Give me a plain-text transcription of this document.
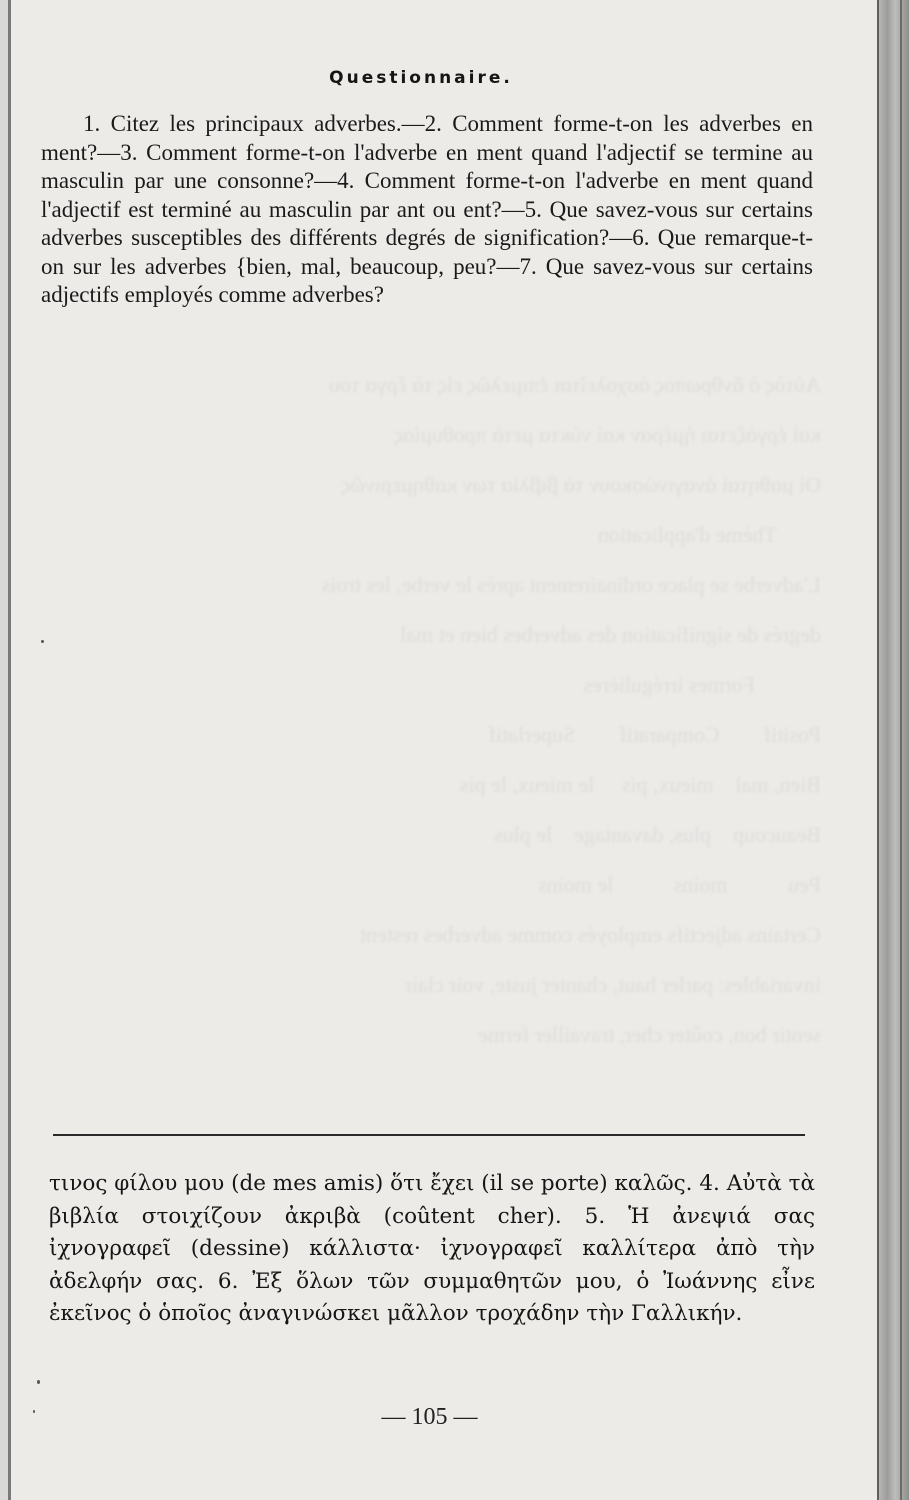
Αὐτὸς ὁ ἄνθρωπος ἀσχολεῖται ἐπιμελῶς εἰς τὰ ἔργα του
καὶ ἐργάζεται ἡμέραν καὶ νύκτα μετὰ προθυμίας
Οἱ μαθηταὶ ἀναγινώσκουν τὰ βιβλία των καθημερινῶς
Thème d'application
L'adverbe se place ordinairement après le verbe, les trois
degrés de signification des adverbes bien et mal
Formes irrégulières
Positif        Comparatif        Superlatif
Bien, mal    mieux, pis     le mieux, le pis
Beaucoup    plus, davantage    le plus
Peu           moins           le moins
Certains adjectifs employés comme adverbes restent
invariables: parler haut, chanter juste, voir clair
sentir bon, coûter cher, travailler ferme
Questionnaire.

1. Citez les principaux adverbes.—2. Comment forme-t-on les adverbes en ment?—3. Comment forme-t-on l'adverbe en ment quand l'adjectif se termine au masculin par une consonne?—4. Comment forme-t-on l'adverbe en ment quand l'adjectif est terminé au masculin par ant ou ent?—5. Que savez-vous sur certains adverbes susceptibles des différents degrés de signification?—6. Que remarque-t-on sur les adverbes {bien, mal, beaucoup, peu?—7. Que savez-vous sur certains adjectifs employés comme adverbes?

τινος φίλου μου (de mes amis) ὅτι ἔχει (il se porte) καλῶς. 4. Αὐτὰ τὰ βιβλία στοιχίζουν ἀκριβὰ (coûtent cher). 5. Ἡ ἀνεψιά σας ἰχνογραφεῖ (dessine) κάλλιστα· ἰχνογραφεῖ καλλίτερα ἀπὸ τὴν ἀδελφήν σας. 6. Ἐξ ὅλων τῶν συμμαθητῶν μου, ὁ Ἰωάννης εἶνε ἐκεῖνος ὁ ὁποῖος ἀναγινώσκει μᾶλλον τροχάδην τὴν Γαλλικήν.

— 105 —
